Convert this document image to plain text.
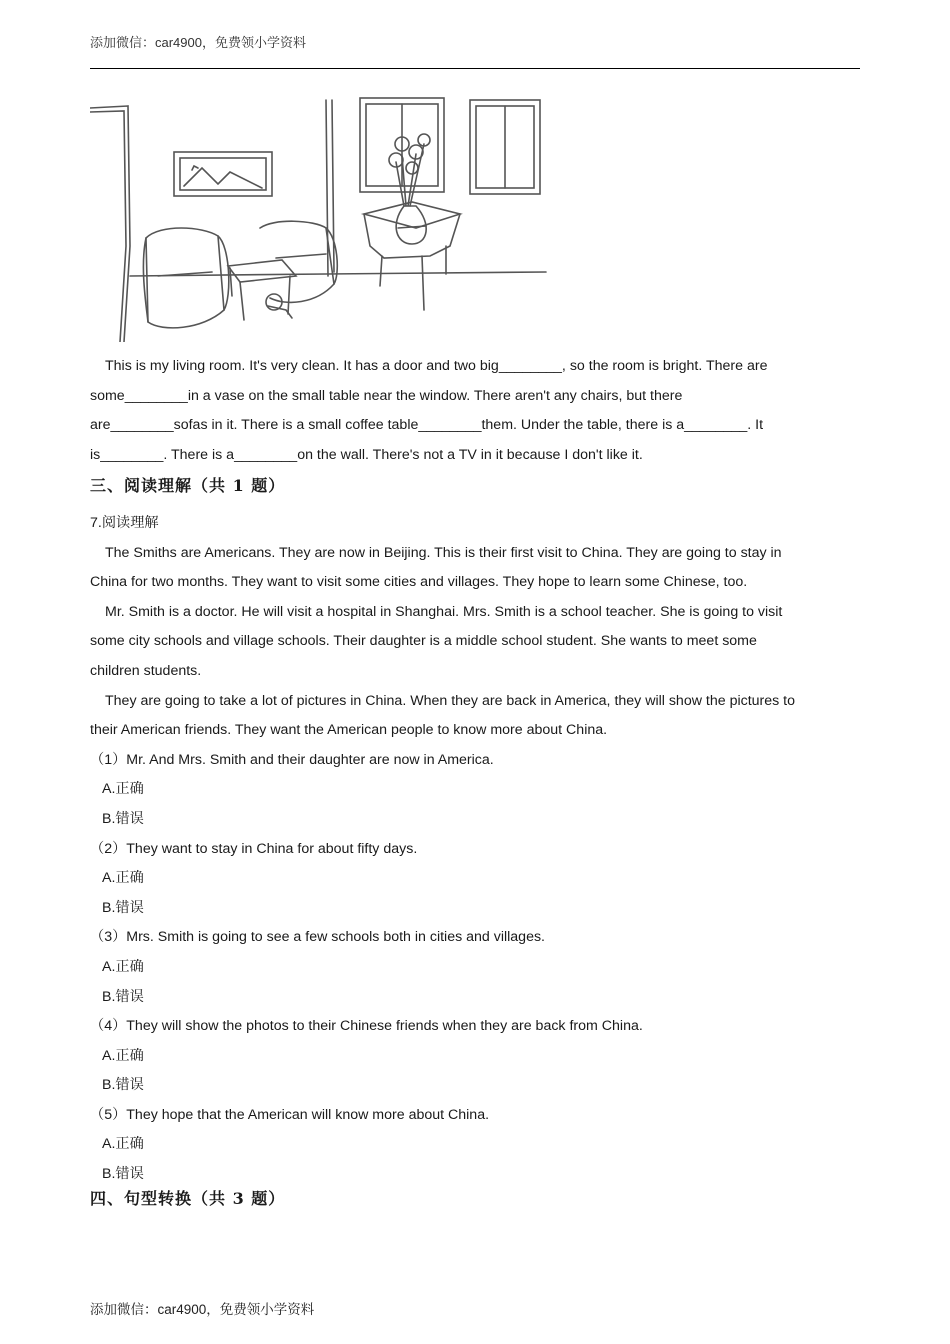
添加微信：car4900，免费领小学资料

This is my living room. It's very clean. It has a door and two big________, so the room is bright. There are

some________in a vase on the small table near the window. There aren't any chairs, but there

are________sofas in it. There is a small coffee table________them. Under the table, there is a________. It

is________. There is a________on the wall. There's not a TV in it because I don't like it.

三、阅读理解（共 1 题）

7.阅读理解

The Smiths are Americans. They are now in Beijing. This is their first visit to China. They are going to stay in

China for two months. They want to visit some cities and villages. They hope to learn some Chinese, too.

Mr. Smith is a doctor. He will visit a hospital in Shanghai. Mrs. Smith is a school teacher. She is going to visit

some city schools and village schools. Their daughter is a middle school student. She wants to meet some

children students.

They are going to take a lot of pictures in China. When they are back in America, they will show the pictures to

their American friends. They want the American people to know more about China.

（1）Mr. And Mrs. Smith and their daughter are now in America.

A.正确

B.错误

（2）They want to stay in China for about fifty days.

A.正确

B.错误

（3）Mrs. Smith is going to see a few schools both in cities and villages.

A.正确

B.错误

（4）They will show the photos to their Chinese friends when they are back from China.

A.正确

B.错误

（5）They hope that the American will know more about China.

A.正确

B.错误

四、句型转换（共 3 题）
添加微信：car4900，免费领小学资料
